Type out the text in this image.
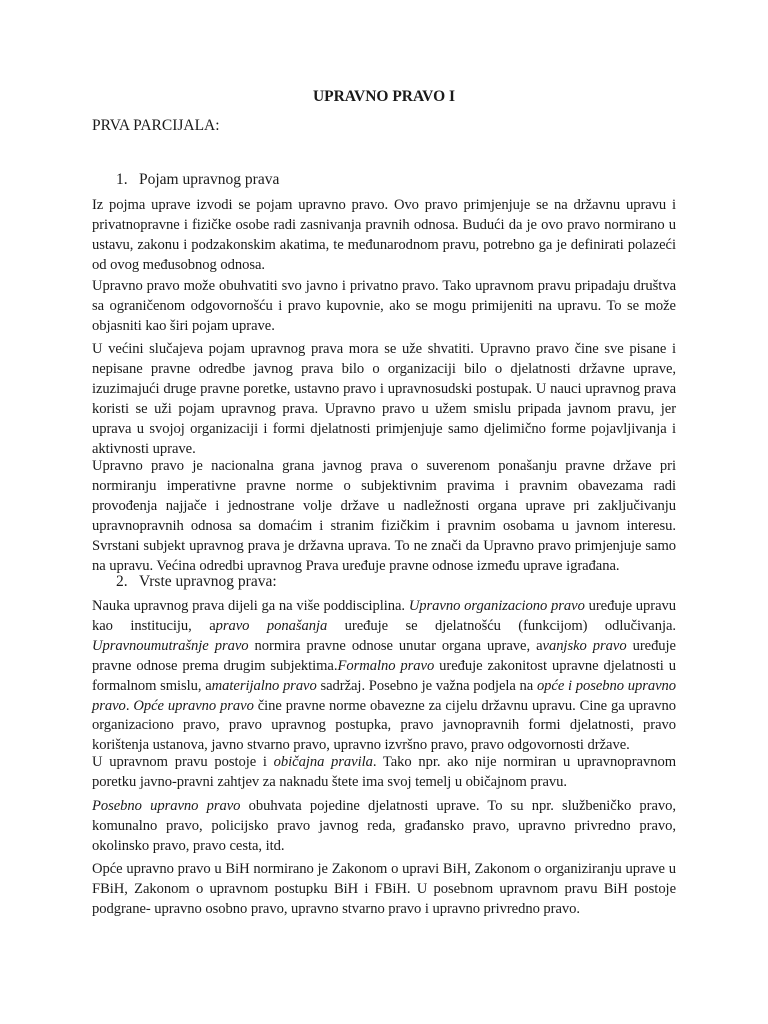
UPRAVNO PRAVO I

PRVA PARCIJALA:

1. Pojam upravnog prava

Iz pojma uprave izvodi se pojam upravno pravo. Ovo pravo primjenjuje se na državnu upravu i privatnopravne i fizičke osobe radi zasnivanja pravnih odnosa. Budući da je ovo pravo normirano u ustavu, zakonu i podzakonskim akatima, te međunarodnom pravu, potrebno ga je definirati polazeći od ovog međusobnog odnosa.

Upravno pravo može obuhvatiti svo javno i privatno pravo. Tako upravnom pravu pripadaju društva sa ograničenom odgovornošću i pravo kupovnie, ako se mogu primijeniti na upravu. To se može objasniti kao širi pojam uprave.

U većini slučajeva pojam upravnog prava mora se uže shvatiti. Upravno pravo čine sve pisane i nepisane pravne odredbe javnog prava bilo o organizaciji bilo o djelatnosti državne uprave, izuzimajući druge pravne poretke, ustavno pravo i upravnosudski postupak. U nauci upravnog prava koristi se uži pojam upravnog prava. Upravno pravo u užem smislu pripada javnom pravu, jer uprava u svojoj organizaciji i formi djelatnosti primjenjuje samo djelimično forme pojavljivanja i aktivnosti uprave.

Upravno pravo je nacionalna grana javnog prava o suverenom ponašanju pravne države pri normiranju imperativne pravne norme o subjektivnim pravima i pravnim obavezama radi provođenja najjače i jednostrane volje države u nadležnosti organa uprave pri zaključivanju upravnopravnih odnosa sa domaćim i stranim fizičkim i pravnim osobama u javnom interesu. Svrstani subjekt upravnog prava je državna uprava. To ne znači da Upravno pravo primjenjuje samo na upravu. Većina odredbi upravnog Prava uređuje pravne odnose između uprave igrađana.

2. Vrste upravnog prava:

Nauka upravnog prava dijeli ga na više poddisciplina. Upravno organizaciono pravo uređuje upravu kao instituciju, apravo ponašanja uređuje se djelatnošću (funkcijom) odlučivanja. Upravnoumutrašnje pravo normira pravne odnose unutar organa uprave, avanjsko pravo uređuje pravne odnose prema drugim subjektima.Formalno pravo uređuje zakonitost upravne djelatnosti u formalnom smislu, amaterijalno pravo sadržaj. Posebno je važna podjela na opće i posebno upravno pravo. Opće upravno pravo čine pravne norme obavezne za cijelu državnu upravu. Cine ga upravno organizaciono pravo, pravo upravnog postupka, pravo javnopravnih formi djelatnosti, pravo korištenja ustanova, javno stvarno pravo, upravno izvršno pravo, pravo odgovornosti države.

U upravnom pravu postoje i običajna pravila. Tako npr. ako nije normiran u upravnopravnom poretku javno-pravni zahtjev za naknadu štete ima svoj temelj u običajnom pravu.

Posebno upravno pravo obuhvata pojedine djelatnosti uprave. To su npr. službeničko pravo, komunalno pravo, policijsko pravo javnog reda, građansko pravo, upravno privredno pravo, okolinsko pravo, pravo cesta, itd.

Opće upravno pravo u BiH normirano je Zakonom o upravi BiH, Zakonom o organiziranju uprave u FBiH, Zakonom o upravnom postupku BiH i FBiH. U posebnom upravnom pravu BiH postoje podgrane- upravno osobno pravo, upravno stvarno pravo i upravno privredno pravo.
